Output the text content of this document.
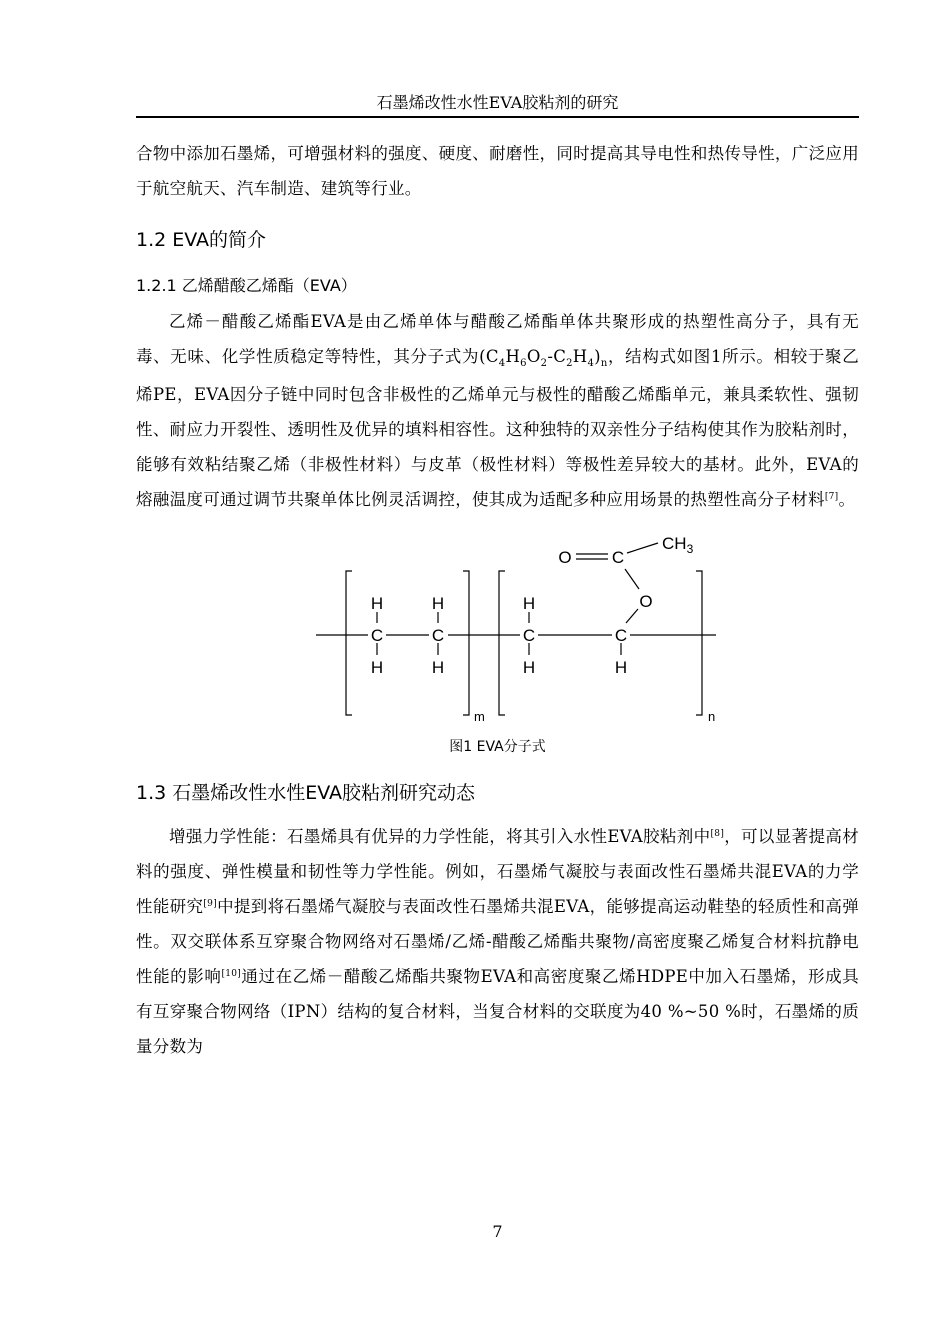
石墨烯改性水性EVA胶粘剂的研究

合物中添加石墨烯，可增强材料的强度、硬度、耐磨性，同时提高其导电性和热传导性，广泛应用于航空航天、汽车制造、建筑等行业。

1.2 EVA的简介
1.2.1 乙烯醋酸乙烯酯（EVA）

乙烯－醋酸乙烯酯EVA是由乙烯单体与醋酸乙烯酯单体共聚形成的热塑性高分子，具有无毒、无味、化学性质稳定等特性，其分子式为$(C_4H_6O_2-C_2H_4)_n$，结构式如图1所示。相较于聚乙烯PE，EVA因分子链中同时包含非极性的乙烯单元与极性的醋酸乙烯酯单元，兼具柔软性、强韧性、耐应力开裂性、透明性及优异的填料相容性。这种独特的双亲性分子结构使其作为胶粘剂时，能够有效粘结聚乙烯（非极性材料）与皮革（极性材料）等极性差异较大的基材。此外，EVA的熔融温度可通过调节共聚单体比例灵活调控，使其成为适配多种应用场景的热塑性高分子材料[7]。

m	n
C
H
H
C
H
H
C
H
H
C
H
O
C
O
$CH_3$
图1 EVA分子式
1.3 石墨烯改性水性EVA胶粘剂研究动态

增强力学性能：石墨烯具有优异的力学性能，将其引入水性EVA胶粘剂中[8]，可以显著提高材料的强度、弹性模量和韧性等力学性能。例如，石墨烯气凝胶与表面改性石墨烯共混EVA的力学性能研究[9]中提到将石墨烯气凝胶与表面改性石墨烯共混EVA，能够提高运动鞋垫的轻质性和高弹性。双交联体系互穿聚合物网络对石墨烯/乙烯-醋酸乙烯酯共聚物/高密度聚乙烯复合材料抗静电性能的影响[10]通过在乙烯－醋酸乙烯酯共聚物EVA和高密度聚乙烯HDPE中加入石墨烯，形成具有互穿聚合物网络（IPN）结构的复合材料，当复合材料的交联度为40 %~50 %时，石墨烯的质量分数为

7
